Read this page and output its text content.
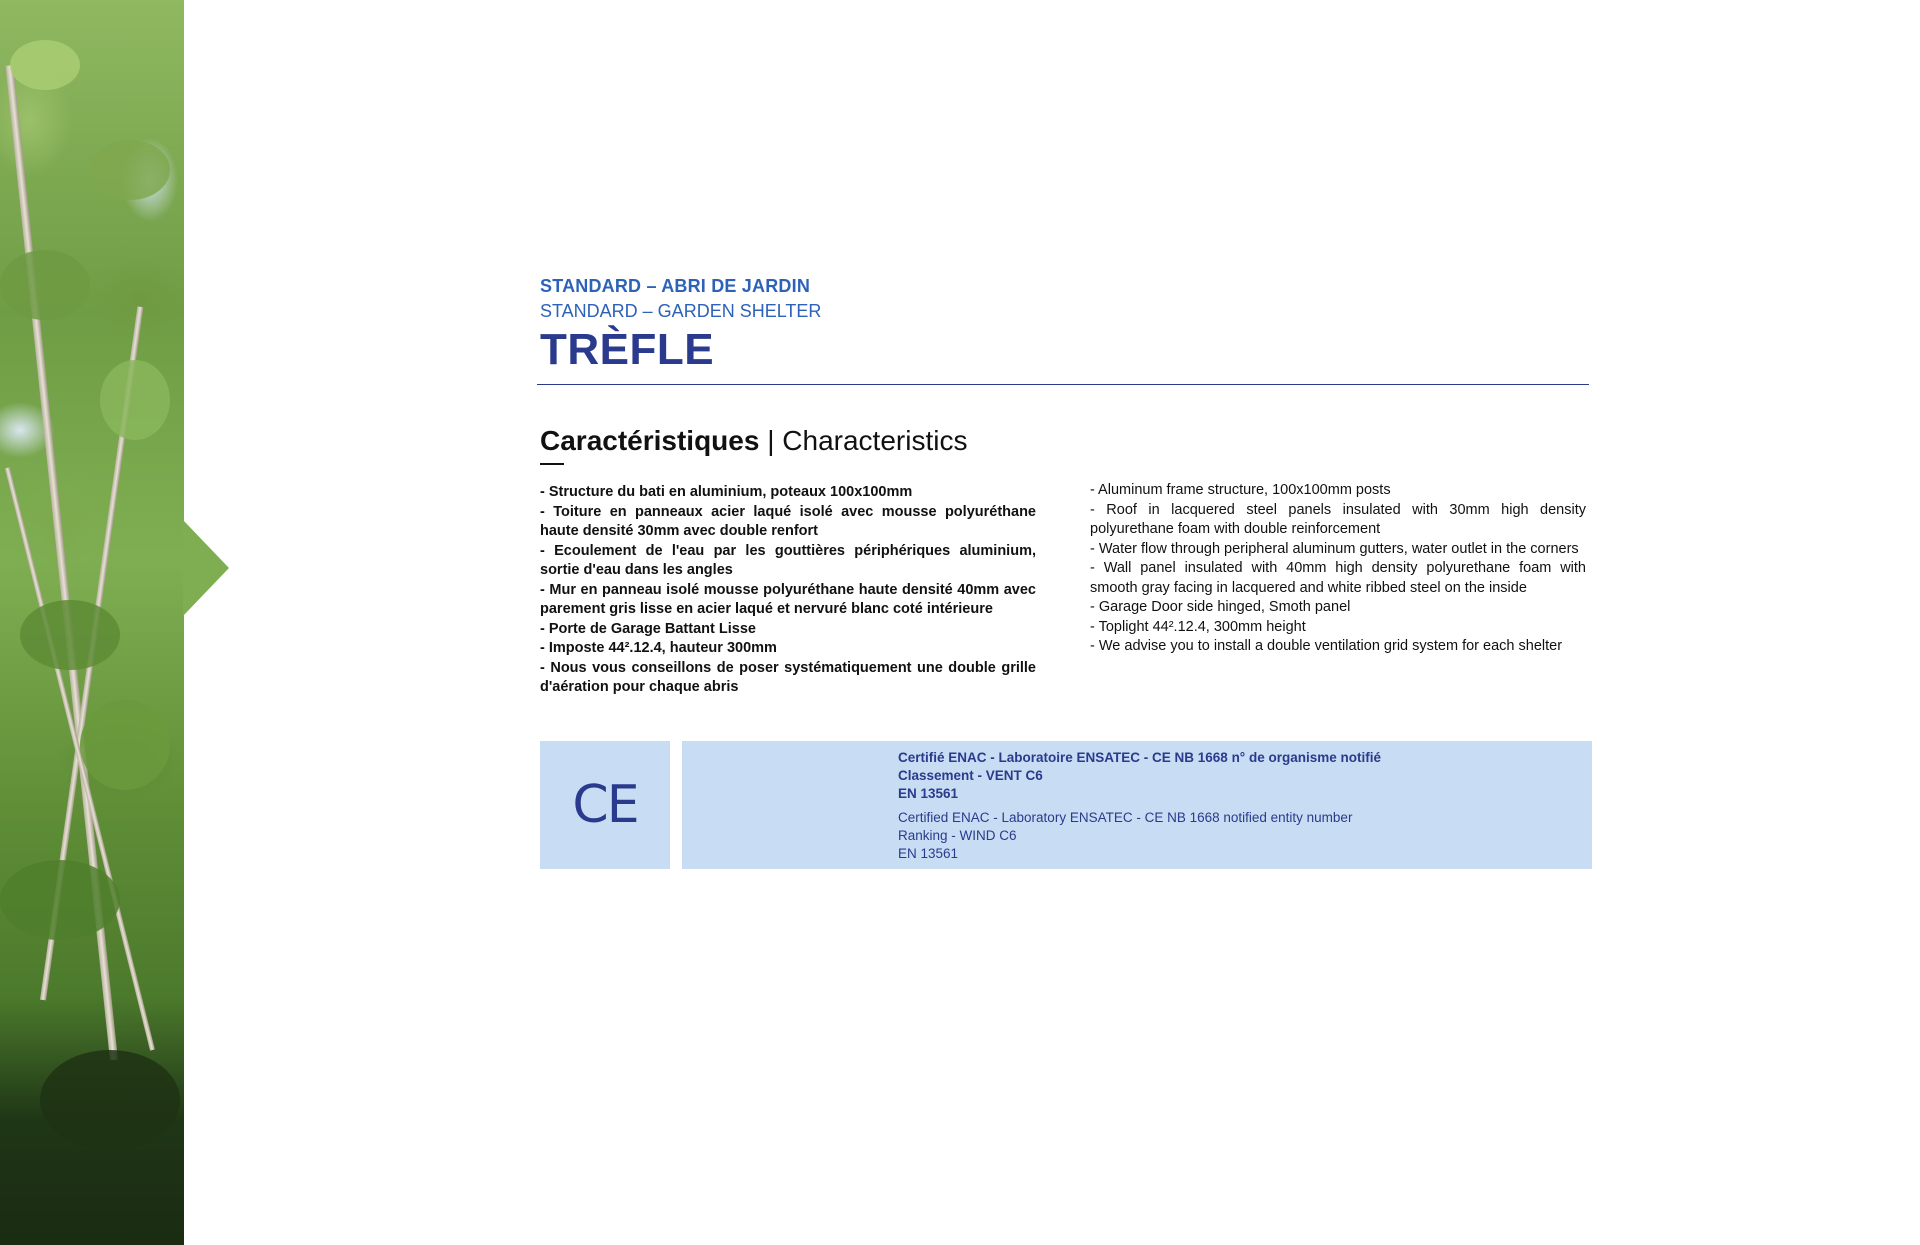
STANDARD – ABRI DE JARDIN
STANDARD – GARDEN SHELTER
TRÈFLE
Caractéristiques | Characteristics

- Structure du bati en aluminium, poteaux 100x100mm

- Toiture en panneaux acier laqué isolé avec mousse polyuréthane haute densité 30mm avec double renfort

- Ecoulement de l'eau par les gouttières périphériques aluminium, sortie d'eau dans les angles

- Mur en panneau isolé mousse polyuréthane haute densité 40mm avec parement gris lisse en acier laqué et nervuré blanc coté intérieure

- Porte de Garage Battant Lisse

- Imposte 44².12.4, hauteur 300mm

- Nous vous conseillons de poser systématiquement une double grille d'aération pour chaque abris

- Aluminum frame structure, 100x100mm posts

- Roof in lacquered steel panels insulated with 30mm high density polyurethane foam with double reinforcement

- Water flow through peripheral aluminum gutters, water outlet in the corners

- Wall panel insulated with 40mm high density polyurethane foam with smooth gray facing in lacquered and white ribbed steel on the inside

- Garage Door side hinged, Smoth panel

- Toplight 44².12.4, 300mm height

- We advise you to install a double ventilation grid system for each shelter

CE
Certifié ENAC - Laboratoire ENSATEC - CE NB 1668 n° de organisme notifié
Classement - VENT C6
EN 13561
Certified ENAC - Laboratory ENSATEC - CE NB 1668 notified entity number
Ranking - WIND C6
EN 13561
